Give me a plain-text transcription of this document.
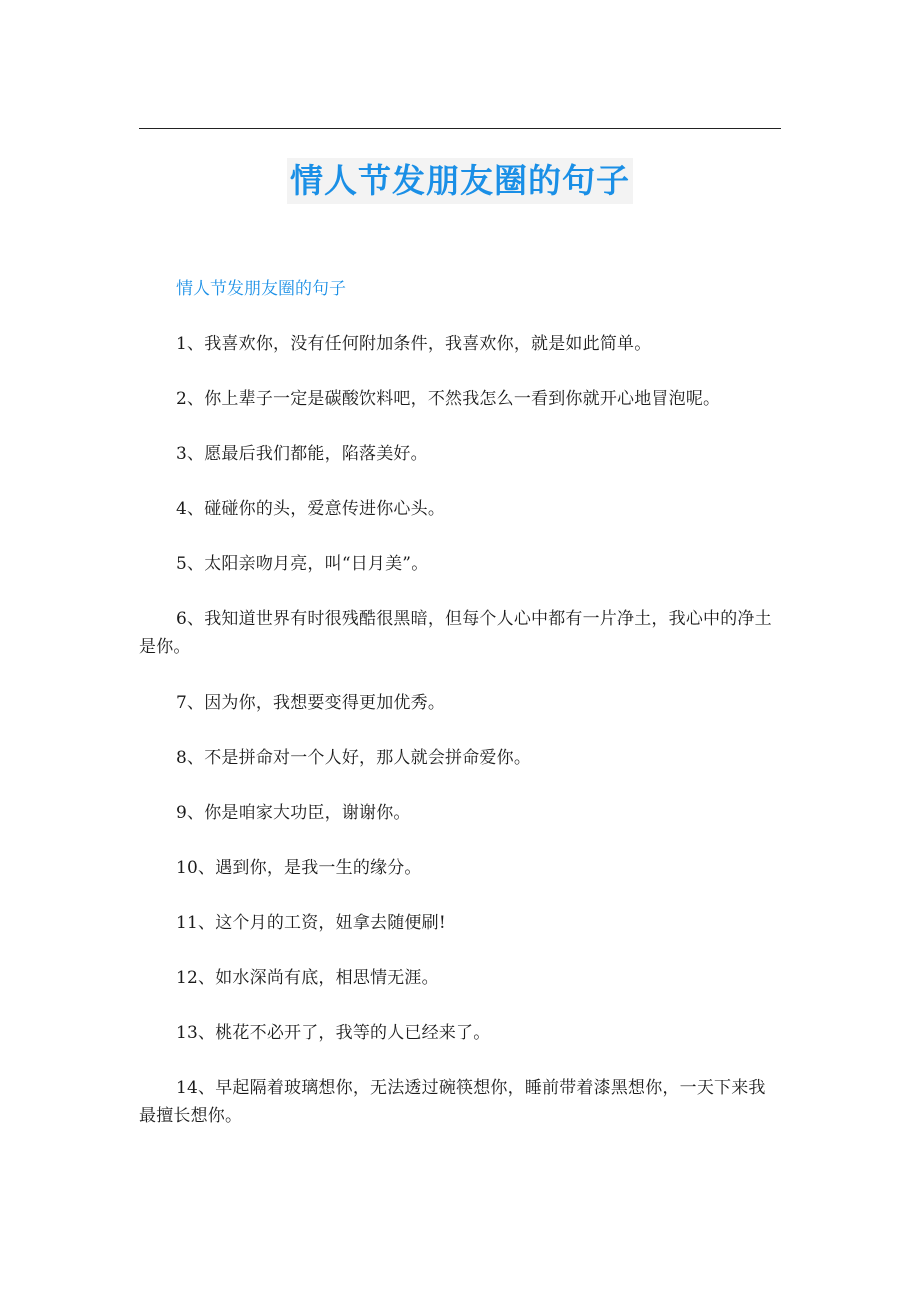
情人节发朋友圈的句子

情人节发朋友圈的句子

1、我喜欢你，没有任何附加条件，我喜欢你，就是如此简单。

2、你上辈子一定是碳酸饮料吧，不然我怎么一看到你就开心地冒泡呢。

3、愿最后我们都能，陷落美好。

4、碰碰你的头，爱意传进你心头。

5、太阳亲吻月亮，叫“日月美”。

6、我知道世界有时很残酷很黑暗，但每个人心中都有一片净土，我心中的净土是你。

7、因为你，我想要变得更加优秀。

8、不是拼命对一个人好，那人就会拼命爱你。

9、你是咱家大功臣，谢谢你。

10、遇到你，是我一生的缘分。

11、这个月的工资，妞拿去随便刷!

12、如水深尚有底，相思情无涯。

13、桃花不必开了，我等的人已经来了。

14、早起隔着玻璃想你，无法透过碗筷想你，睡前带着漆黑想你，一天下来我最擅长想你。
